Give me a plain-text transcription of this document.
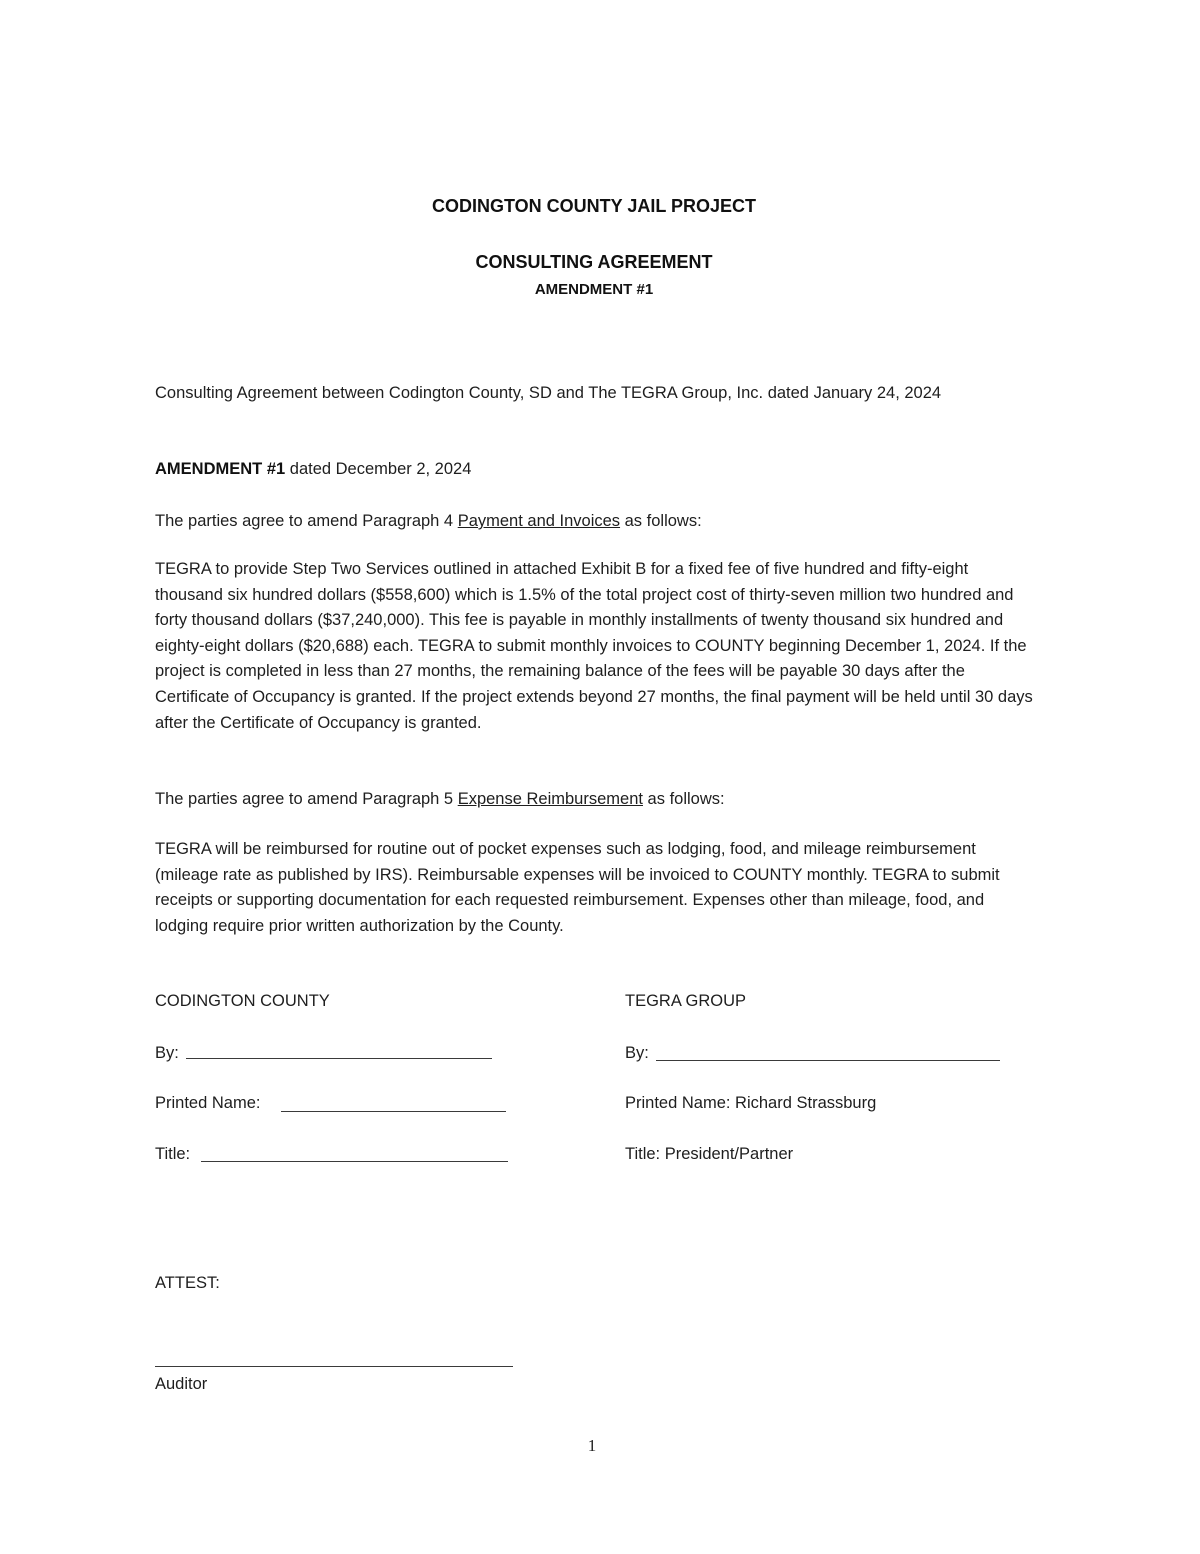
CODINGTON COUNTY JAIL PROJECT
CONSULTING AGREEMENT
AMENDMENT #1

Consulting Agreement between Codington County, SD and The TEGRA Group, Inc. dated January 24, 2024

AMENDMENT #1 dated December 2, 2024

The parties agree to amend Paragraph 4 Payment and Invoices as follows:

TEGRA to provide Step Two Services outlined in attached Exhibit B for a fixed fee of five hundred and fifty-eight thousand six hundred dollars ($558,600) which is 1.5% of the total project cost of thirty-seven million two hundred and forty thousand dollars ($37,240,000). This fee is payable in monthly installments of twenty thousand six hundred and eighty-eight dollars ($20,688) each. TEGRA to submit monthly invoices to COUNTY beginning December 1, 2024. If the project is completed in less than 27 months, the remaining balance of the fees will be payable 30 days after the Certificate of Occupancy is granted. If the project extends beyond 27 months, the final payment will be held until 30 days after the Certificate of Occupancy is granted.

The parties agree to amend Paragraph 5 Expense Reimbursement as follows:

TEGRA will be reimbursed for routine out of pocket expenses such as lodging, food, and mileage reimbursement (mileage rate as published by IRS). Reimbursable expenses will be invoiced to COUNTY monthly. TEGRA to submit receipts or supporting documentation for each requested reimbursement. Expenses other than mileage, food, and lodging require prior written authorization by the County.

CODINGTON COUNTY
By:
Printed Name:
Title:
TEGRA GROUP
By:
Printed Name: Richard Strassburg
Title: President/Partner
ATTEST:
Auditor
1
